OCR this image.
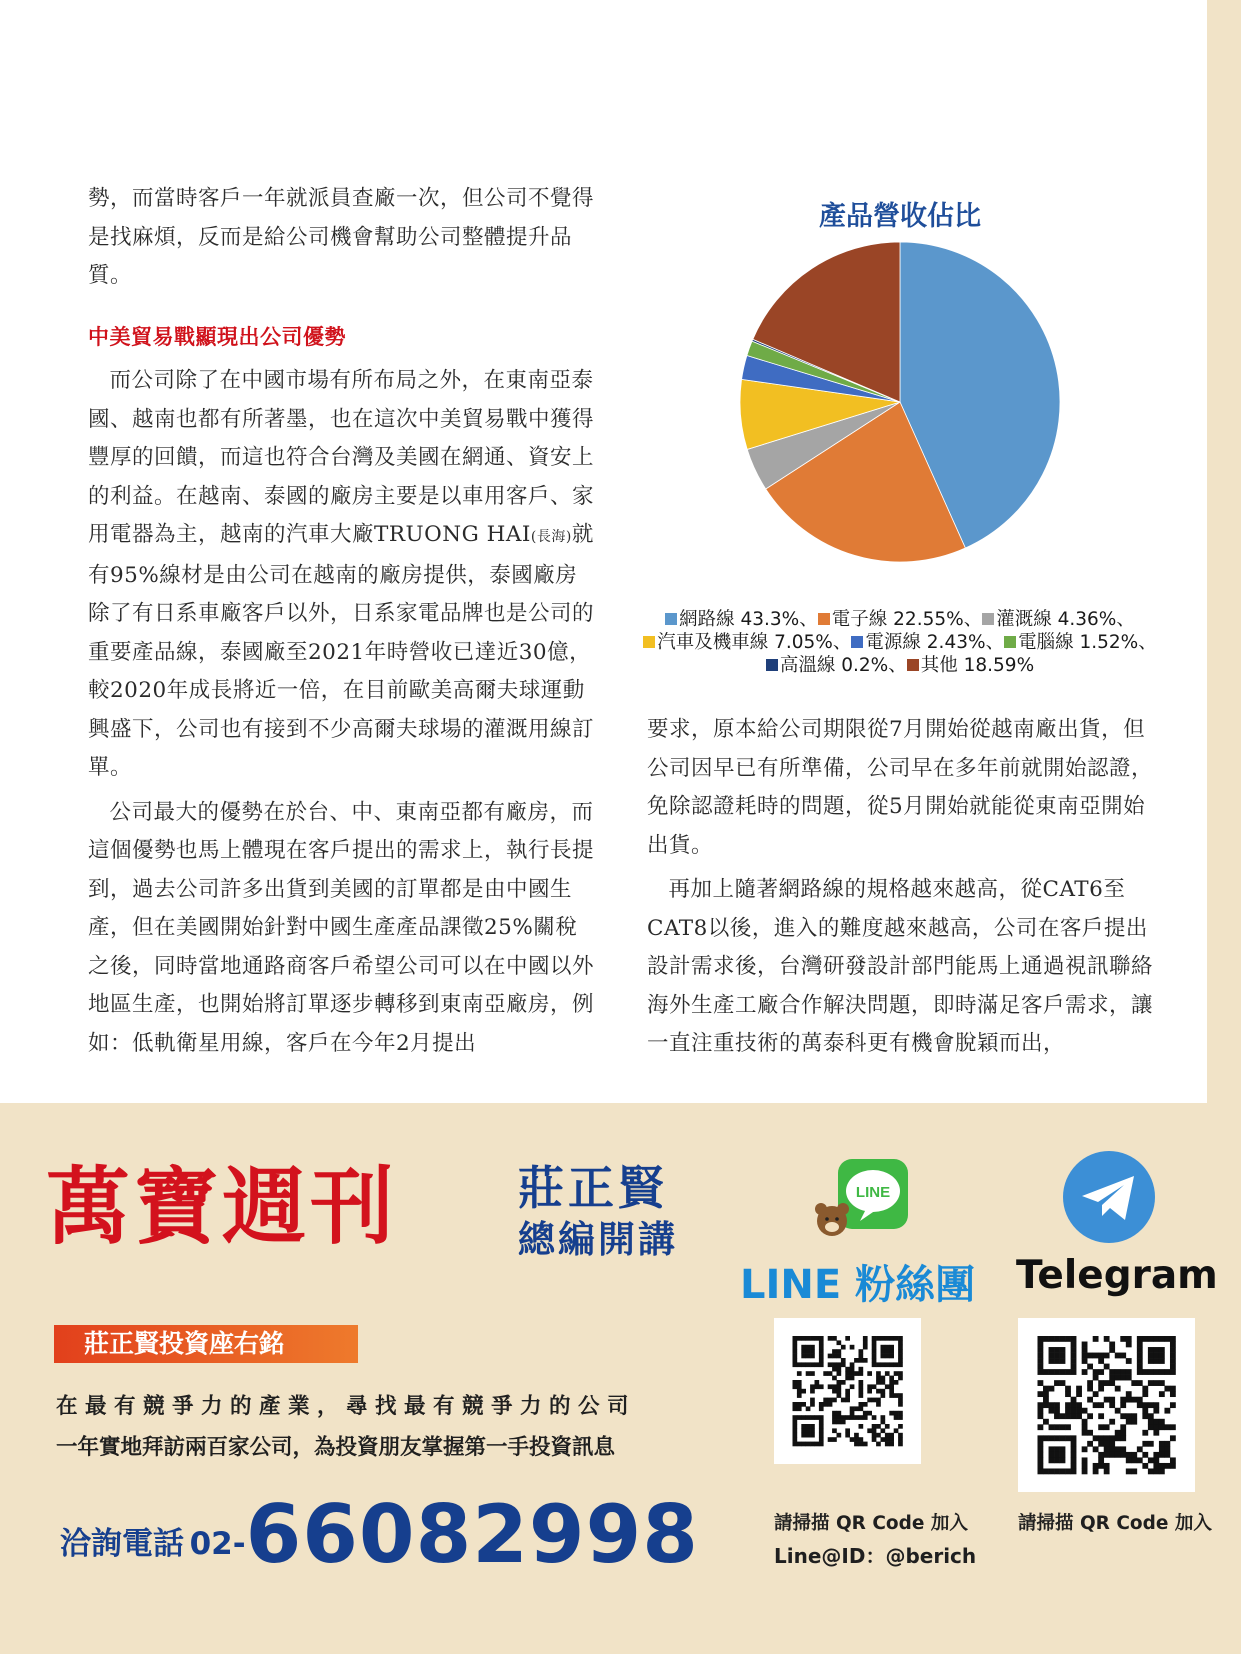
勢，而當時客戶一年就派員查廠一次，但公司不覺得是找麻煩，反而是給公司機會幫助公司整體提升品質。

中美貿易戰顯現出公司優勢

而公司除了在中國市場有所布局之外，在東南亞泰國、越南也都有所著墨，也在這次中美貿易戰中獲得豐厚的回饋，而這也符合台灣及美國在網通、資安上的利益。在越南、泰國的廠房主要是以車用客戶、家用電器為主，越南的汽車大廠TRUONG HAI(長海)就有95%線材是由公司在越南的廠房提供，泰國廠房除了有日系車廠客戶以外，日系家電品牌也是公司的重要產品線，泰國廠至2021年時營收已達近30億，較2020年成長將近一倍，在目前歐美高爾夫球運動興盛下，公司也有接到不少高爾夫球場的灌溉用線訂單。

公司最大的優勢在於台、中、東南亞都有廠房，而這個優勢也馬上體現在客戶提出的需求上，執行長提到，過去公司許多出貨到美國的訂單都是由中國生產，但在美國開始針對中國生產產品課徵25%關稅之後，同時當地通路商客戶希望公司可以在中國以外地區生產，也開始將訂單逐步轉移到東南亞廠房，例如：低軌衛星用線，客戶在今年2月提出

產品營收佔比
網路線 43.3%、 電子線 22.55%、 灌溉線 4.36%、
汽車及機車線 7.05%、 電源線 2.43%、 電腦線 1.52%、
高溫線 0.2%、 其他 18.59%

要求，原本給公司期限從7月開始從越南廠出貨，但公司因早已有所準備，公司早在多年前就開始認證，免除認證耗時的問題，從5月開始就能從東南亞開始出貨。

再加上隨著網路線的規格越來越高，從CAT6至CAT8以後，進入的難度越來越高，公司在客戶提出設計需求後，台灣研發設計部門能馬上通過視訊聯絡海外生產工廠合作解決問題，即時滿足客戶需求，讓一直注重技術的萬泰科更有機會脫穎而出，

萬寶週刊	莊正賢
總編開講
莊正賢投資座右銘
在最有競爭力的產業，尋找最有競爭力的公司
一年實地拜訪兩百家公司，為投資朋友掌握第一手投資訊息
洽詢電話 02-66082998
LINE
LINE 粉絲團 Telegram
請掃描 QR Code 加入
Line@ID：@berich
請掃描 QR Code 加入
